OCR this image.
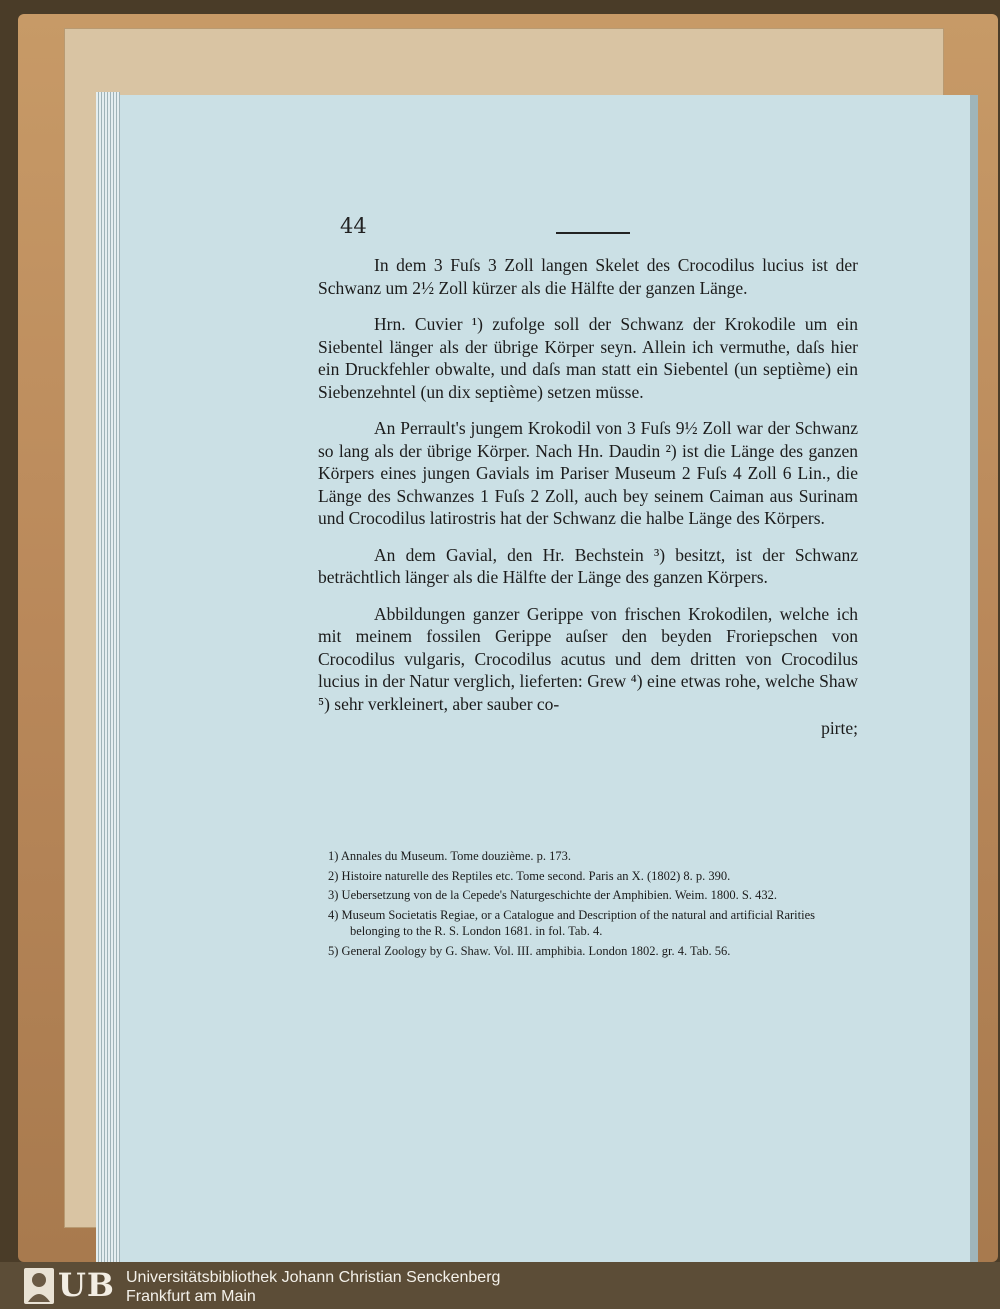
44

In dem 3 Fuſs 3 Zoll langen Skelet des Crocodilus lucius ist der Schwanz um 2½ Zoll kürzer als die Hälfte der ganzen Länge.

Hrn. Cuvier ¹) zufolge soll der Schwanz der Krokodile um ein Siebentel länger als der übrige Körper seyn. Allein ich vermuthe, daſs hier ein Druckfehler obwalte, und daſs man statt ein Siebentel (un septième) ein Siebenzehntel (un dix septième) setzen müsse.

An Perrault's jungem Krokodil von 3 Fuſs 9½ Zoll war der Schwanz so lang als der übrige Körper. Nach Hn. Daudin ²) ist die Länge des ganzen Körpers eines jungen Gavials im Pariser Museum 2 Fuſs 4 Zoll 6 Lin., die Länge des Schwanzes 1 Fuſs 2 Zoll, auch bey seinem Caiman aus Surinam und Crocodilus latirostris hat der Schwanz die halbe Länge des Körpers.

An dem Gavial, den Hr. Bechstein ³) besitzt, ist der Schwanz beträchtlich länger als die Hälfte der Länge des ganzen Körpers.

Abbildungen ganzer Gerippe von frischen Krokodilen, welche ich mit meinem fossilen Gerippe auſser den beyden Froriepschen von Crocodilus vulgaris, Crocodilus acutus und dem dritten von Crocodilus lucius in der Natur verglich, lieferten: Grew ⁴) eine etwas rohe, welche Shaw ⁵) sehr verkleinert, aber sauber co-

pirte;

1) Annales du Museum. Tome douzième. p. 173.
2) Histoire naturelle des Reptiles etc. Tome second. Paris an X. (1802) 8. p. 390.
3) Uebersetzung von de la Cepede's Naturgeschichte der Amphibien. Weim. 1800. S. 432.
4) Museum Societatis Regiae, or a Catalogue and Description of the natural and artificial Rarities belonging to the R. S. London 1681. in fol. Tab. 4.
5) General Zoology by G. Shaw. Vol. III. amphibia. London 1802. gr. 4. Tab. 56.
UB Universitätsbibliothek Johann Christian Senckenberg
Frankfurt am Main
